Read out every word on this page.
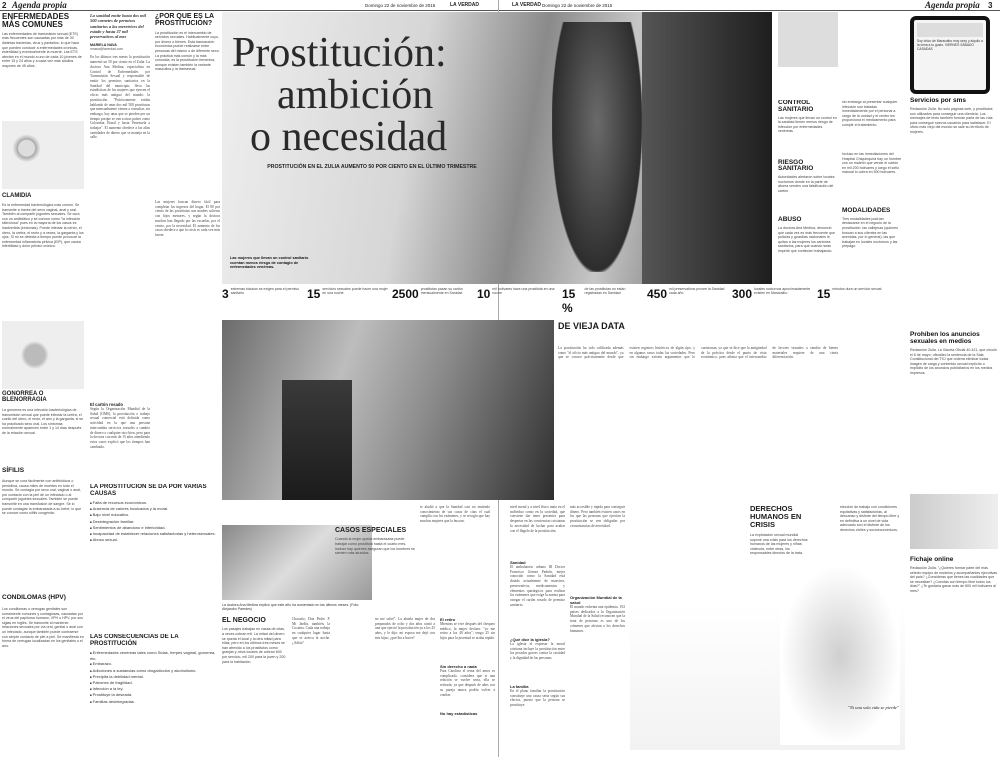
2 Agenda propia	Domingo 22 de noviembre de 2015	LA VERDAD	LA VERDAD Domingo 22 de noviembre de 2015	Agenda propia 3
ENFERMEDADES MÁS COMUNES
Las enfermedades de transmisión sexual (ETS) más frecuentes son causadas por más de 30 distintas bacterias, virus y parásitos, lo que hace que pueden conducir a enfermedades crónicas, esterilidad y eventualmente la muerte. Las ETS afectan en el mundo a uno de cada 10 jóvenes de entre 15 y 24 años y a cada vez más adultos mayores de 45 años.
CLAMIDIA
Es la enfermedad bacteriológica más común. Se transmite a través del sexo vaginal, anal y oral. También al compartir juguetes sexuales. Se cura con un antibiótico y se conoce como "la infección silenciosa" pues en la mayoría de los casos es inadvertida (síntomas). Puede infectar la cérvix, el útero, la uretra, el recto y a veces, la garganta y los ojos. Si no se detecta a tiempo puede provocar la enfermedad inflamatoria pélvica (EIP), que causa infertilidad y dolor pélvico crónico.
GONORREA O BLENORRAGIA
La gonorrea es una infección bacteriológica de transmisión sexual que puede infectar la uretra, el cuello del útero, el recto, el ano y la garganta, si se ha practicado sexo oral. Los síntomas normalmente aparecen entre 1 y 14 días después de la relación sexual.
SÍFILIS
Aunque se cura fácilmente con antibióticos o penicilina, causa miles de muertes en todo el mundo. Se contagia por sexo oral, vaginal o anal, por contacto con la piel de un infectado o al compartir juguetes sexuales. También se puede transmitir en una transfusión de sangre. Se lo puede contagiar la embarazada a su bebé, lo que se conoce como sífilis congénita.
CONDILOMAS (HPV)
Los condilomas o verrugas genitales son sumamente comunes y contagiosas, causadas por el virus del papiloma humano, VPH o HPV, por sus siglas en inglés. Se transmite al mantener relaciones sexuales por vía oral, genital o anal con un infectado, aunque también puede contraerse con simple contacto de piel a piel. Se manifiesta en forma de verrugas localizadas en los genitales o el ano.
La sanidad emite hasta dos mil 500 carnetes de permisos sanitarios a las meretrices del estado y hasta 37 mil preservativos al mes
MARIELA NAVA
mnava@laverdad.com
En los últimos tres meses la prostitución aumentó un 50 por ciento en el Zulia. La doctora Ana Medina, especialista en Control de Enfermedades por Transmisión Sexual y responsable de emitir los permisos sanitarios en la Sanidad del municipio, lleva las estadísticas de las mujeres que ejercen el oficio más antiguo del mundo: la prostitución. "Prácticamente estaba hablando de unas dos mil 500 prostitutas que mensualmente vienen a consultar, sin embargo, hay unas que se pierden por un tiempo porque se van a otras países como Colombia, Brasil y hasta Venezuela a trabajar". El aumento obedece a las altas cantidades de dinero que se maneja en la calle.
El cartón rosado
Según la Organización Mundial de la Salud (OMS), la prostitución o trabajo sexual comercial está definida como actividad en la que una persona intercambia servicios sexuales a cambio de dinero o cualquier otro bien, pero para la doctora con más de 15 años atendiendo estos casos explicó que los tiempos han cambiado.
¿POR QUÉ ES LA PROSTITUCIÓN?
La prostitución es el intercambio de servicios sexuales. Habitualmente cuyo, por dinero o bienes. Esta transacción económica puede realizarse entre personas del mismo o de diferente sexo. La práctica más común y la más conocida, es la prostitución femenina, aunque existen también la variante masculina y la transexual.
Las mujeres buscan dinero fácil para completar los ingresos del hogar. El 80 por ciento de las prostitutas son madres solteras con hijos menores, y según la doctora muchas han llegado por las escuelas, por el centro, por la necesidad. El aumento de los casos obedece a que la crisis es cada vez más fuerte.
Prostitución:
ambición
o necesidad
PROSTITUCIÓN EN EL ZULIA AUMENTO 50 POR CIENTO EN EL ÚLTIMO TRIMESTRE
Las mujeres que llevan un control sanitario cuentan menos riesgo de contagio de enfermedades venéreas.
CONTROL SANITARIO
Las mujeres que llevan un control en la sanidad tienen menos riesgo de infección por enfermedades venéreas.
RIESGO SANITARIO
Autoridades alertaron sobre locales nocturnos donde en la parte de afuera venden una falsificación del cartón.
ABUSO
La doctora Ana Medina, denunció que cada vez es más frecuente que policías y guardias nacionales le quitan a las mujeres los cartones sanitarios, para que cuando sean impedir que continúen trabajando.
sin embargo al presentar cualquier infección son tratadas inmediatamente por el personal a cargo de la unidad y el centro les proporciona el medicamento para cumplir el tratamiento.
Incluso en las inmediaciones del Hospital Chiquinquirá hay un hombre con un maletín que vende el cartón en mil 200 bolívares y luego él sello manual lo cobra en 500 bolívares.
MODALIDADES
Tres modalidades podrían destacarse en el negocio de la prostitución: las callejeras (quienes buscan a sus clientes en las avenidas, por lo general), las que trabajan en locales nocturnos y las prepago.
Soy chico de Maracaibo muy sexy y alquilo a la cena a tu gusto. VIERNES SÁBADO CASADAS
Servicios por sms
Redacción Zulia. No solo páginas web, y prostitutos son utilizados para conseguir una clientela. Los mensajes de texto también forman parte de las vías para conseguir nuevos usuarios para satisfacer. El oficio más viejo del mundo se sale su territorio de mujeres.
Prohíben los anuncios sexuales en medios
Redacción Zulia. La Gaceta Oficial 40.421, que circuló el 6 de mayo, oficializó la sentencia de la Sala Constitucional del TSJ que ordena eliminar todas imagen de carga y contenido sexual explícito o implícito de los anuncios publicitarios en los medios impresos.
Fichaje online
Redacción Zulia. "¿Quieres formar parte del más selecto equipo de modelos y acompañantes ejecutivas del país? ¿Consideras que tienes las cualidades que se necesitan? ¿Cuentas con tiempo libre todos los días?" ¿Te gustaría ganar más de 600 mil bolívares al mes?
3 extremas básicos se exigen para el permiso sanitario	15 servicios sexuales puede hacer una mujer en una noche	2500 prostitutas pasan su cartón mensualmente en Sanidad	10 mil bolívares hace una prostituta en una noche	15 %
de las prostitutas no están registradas en Sanidad	450 mil preservativos provee la Sanidad cada año	300 locales nocturnos aproximadamente existen en Maracaibo	15 minutos dura un servicio sexual
DE VIEJA DATA
La prostitución ha sido calificada además como "el oficio más antiguo del mundo", ya que se conoce prácticamente desde que existen registros históricos de algún tipo, y en algunos casos todas las sociedades. Pero sin embargo existen argumentos que lo cuestionan, ya que se dice que la antigüedad de la práctica desde el punto de vista económico, pues afirma que el intercambio de favores sexuales a cambio de bienes materiales requiere de una cierta diferenciación.
LA PROSTITUCIÓN SE DA POR VARIAS CAUSAS
■ Falta de recursos económicos.
■ Ausencia de valores inculcados y la moral.
■ Bajo nivel educativo.
■ Desintegración familiar.
■ Sentimientos de abandono e inferioridad.
■ Incapacidad de establecer relaciones satisfactorias y heterosexuales.
■ Abuso sexual.
LAS CONSECUENCIAS DE LA PROSTITUCIÓN
■ Enfermedades venéreas tales como Sidas, herpes vaginal, gonorrea, etc.
■ Embarazo.
■ Adicciones a sustancias como drogadicción y alcoholismo.
■ Precipita la debilidad mental.
■ Patrones de fragilidad.
■ Infección a la ley.
■ Prostituye la deseada.
■ Familias desintegradas.
La doctora Ana Medina explicó que este año ha aumentado en las últimos meses. (Foto: Alejandro Paredes)
EL NEGOCIO
Los pasajes trabajan en casas de citas, a veces cobran mil. La mitad del dinero se queda el local y la otra mitad para ellas, pero en los últimos tres meses se han atrevido a los prostitutos como granjas y otros locales de cobran 600 por servicio, mil 200 para la joven y 200 para la habitación.
Chacaito, Don Pedro P. Mi Jardín, también, la Cocaína. Cada una trabaja en cualquier lugar hasta que se acerca la noche. ¿Adiós?
CASOS ESPECIALES
Cuando la mujer queda embarazada puede trabajar como prostituta hasta el cuarto mes, incluso hay quienes aseguran que los hombres se sienten más atraídos.
no me salvé". La abuela mujer de dos preparados de ocho y dos años contó a una que ejerció la prostitución ya a los 45 años, y le dijo: mi esposo me dejó con mis hijas; ¿qué iba a hacer?
te aludió a que la Sanidad casi no teniendo conocimiento de sus casas de citas el cual cumplía con los exámenes, y se recogía que hay muchas mujeres que la buscan.
El retiro
Mientras se vive después del chequeo médico, la mujer declara: "yo me retiro a los 40 años"; tengo 25 sin hijos para la juventud se acaba rápido.
Sin derecho a nada
Para Carolina el tema del amor es complicado, considera que si una relación se vuelve seria, ella se retiraría; ya que después de años con su pareja nunca podría volver a confiar.
No hay estadísticas
nivel moral y a nivel físico tanto en el individuo como en la sociedad, que conviene dar tener presentes para despertar en las conciencias cristianas la necesidad de luchar para acabar con el flagelo de la prostitución.
Sanidad
El ambulatorio urbano III Doctor Francisco Gómez Padrón, mejor conocido como la Sanidad está dotado actualmente de maestros, preservativos, medicamentos y elementos quirúrgicos para realizar los exámenes que exige la norma para otorgar el cartón rosado de permiso sanitario.
¿Qué dice la iglesia?
La iglesia el expresar la moral cristiana incluye la prostitución entre los pecados graves contra la castidad y la dignidad de las personas.
La familia
En el plano familiar la prostitución constituye una causa seria según sus efectos, puesto que la persona se prostituye.
más accesible y rápida para conseguir dinero. Pero también existen casos en los que las personas que ejercían la prostitución se ven obligadas por circunstancias de necesidad.
Organización Mundial de la salud
El mundo enfrenta una epidemia. 192 países dedicados a la Organización Mundial de la Salud reconocen que la trata de personas es uno de los crímenes que afectan a los derechos humanos.
DERECHOS HUMANOS EN CRISIS
La explotación sexual mundial supone una crisis para los derechos humanos de las mujeres y niñas: violencia, entre otras, los responsables directos de la trata.
elección de trabajo con condiciones equitativas y satisfactorias, al descanso y disfrute del tiempo libre y en definitiva a un nivel de vida adecuado son el disfrute de los derechos civiles y socioeconómicos.
"Ni una sola vida se pierde"
